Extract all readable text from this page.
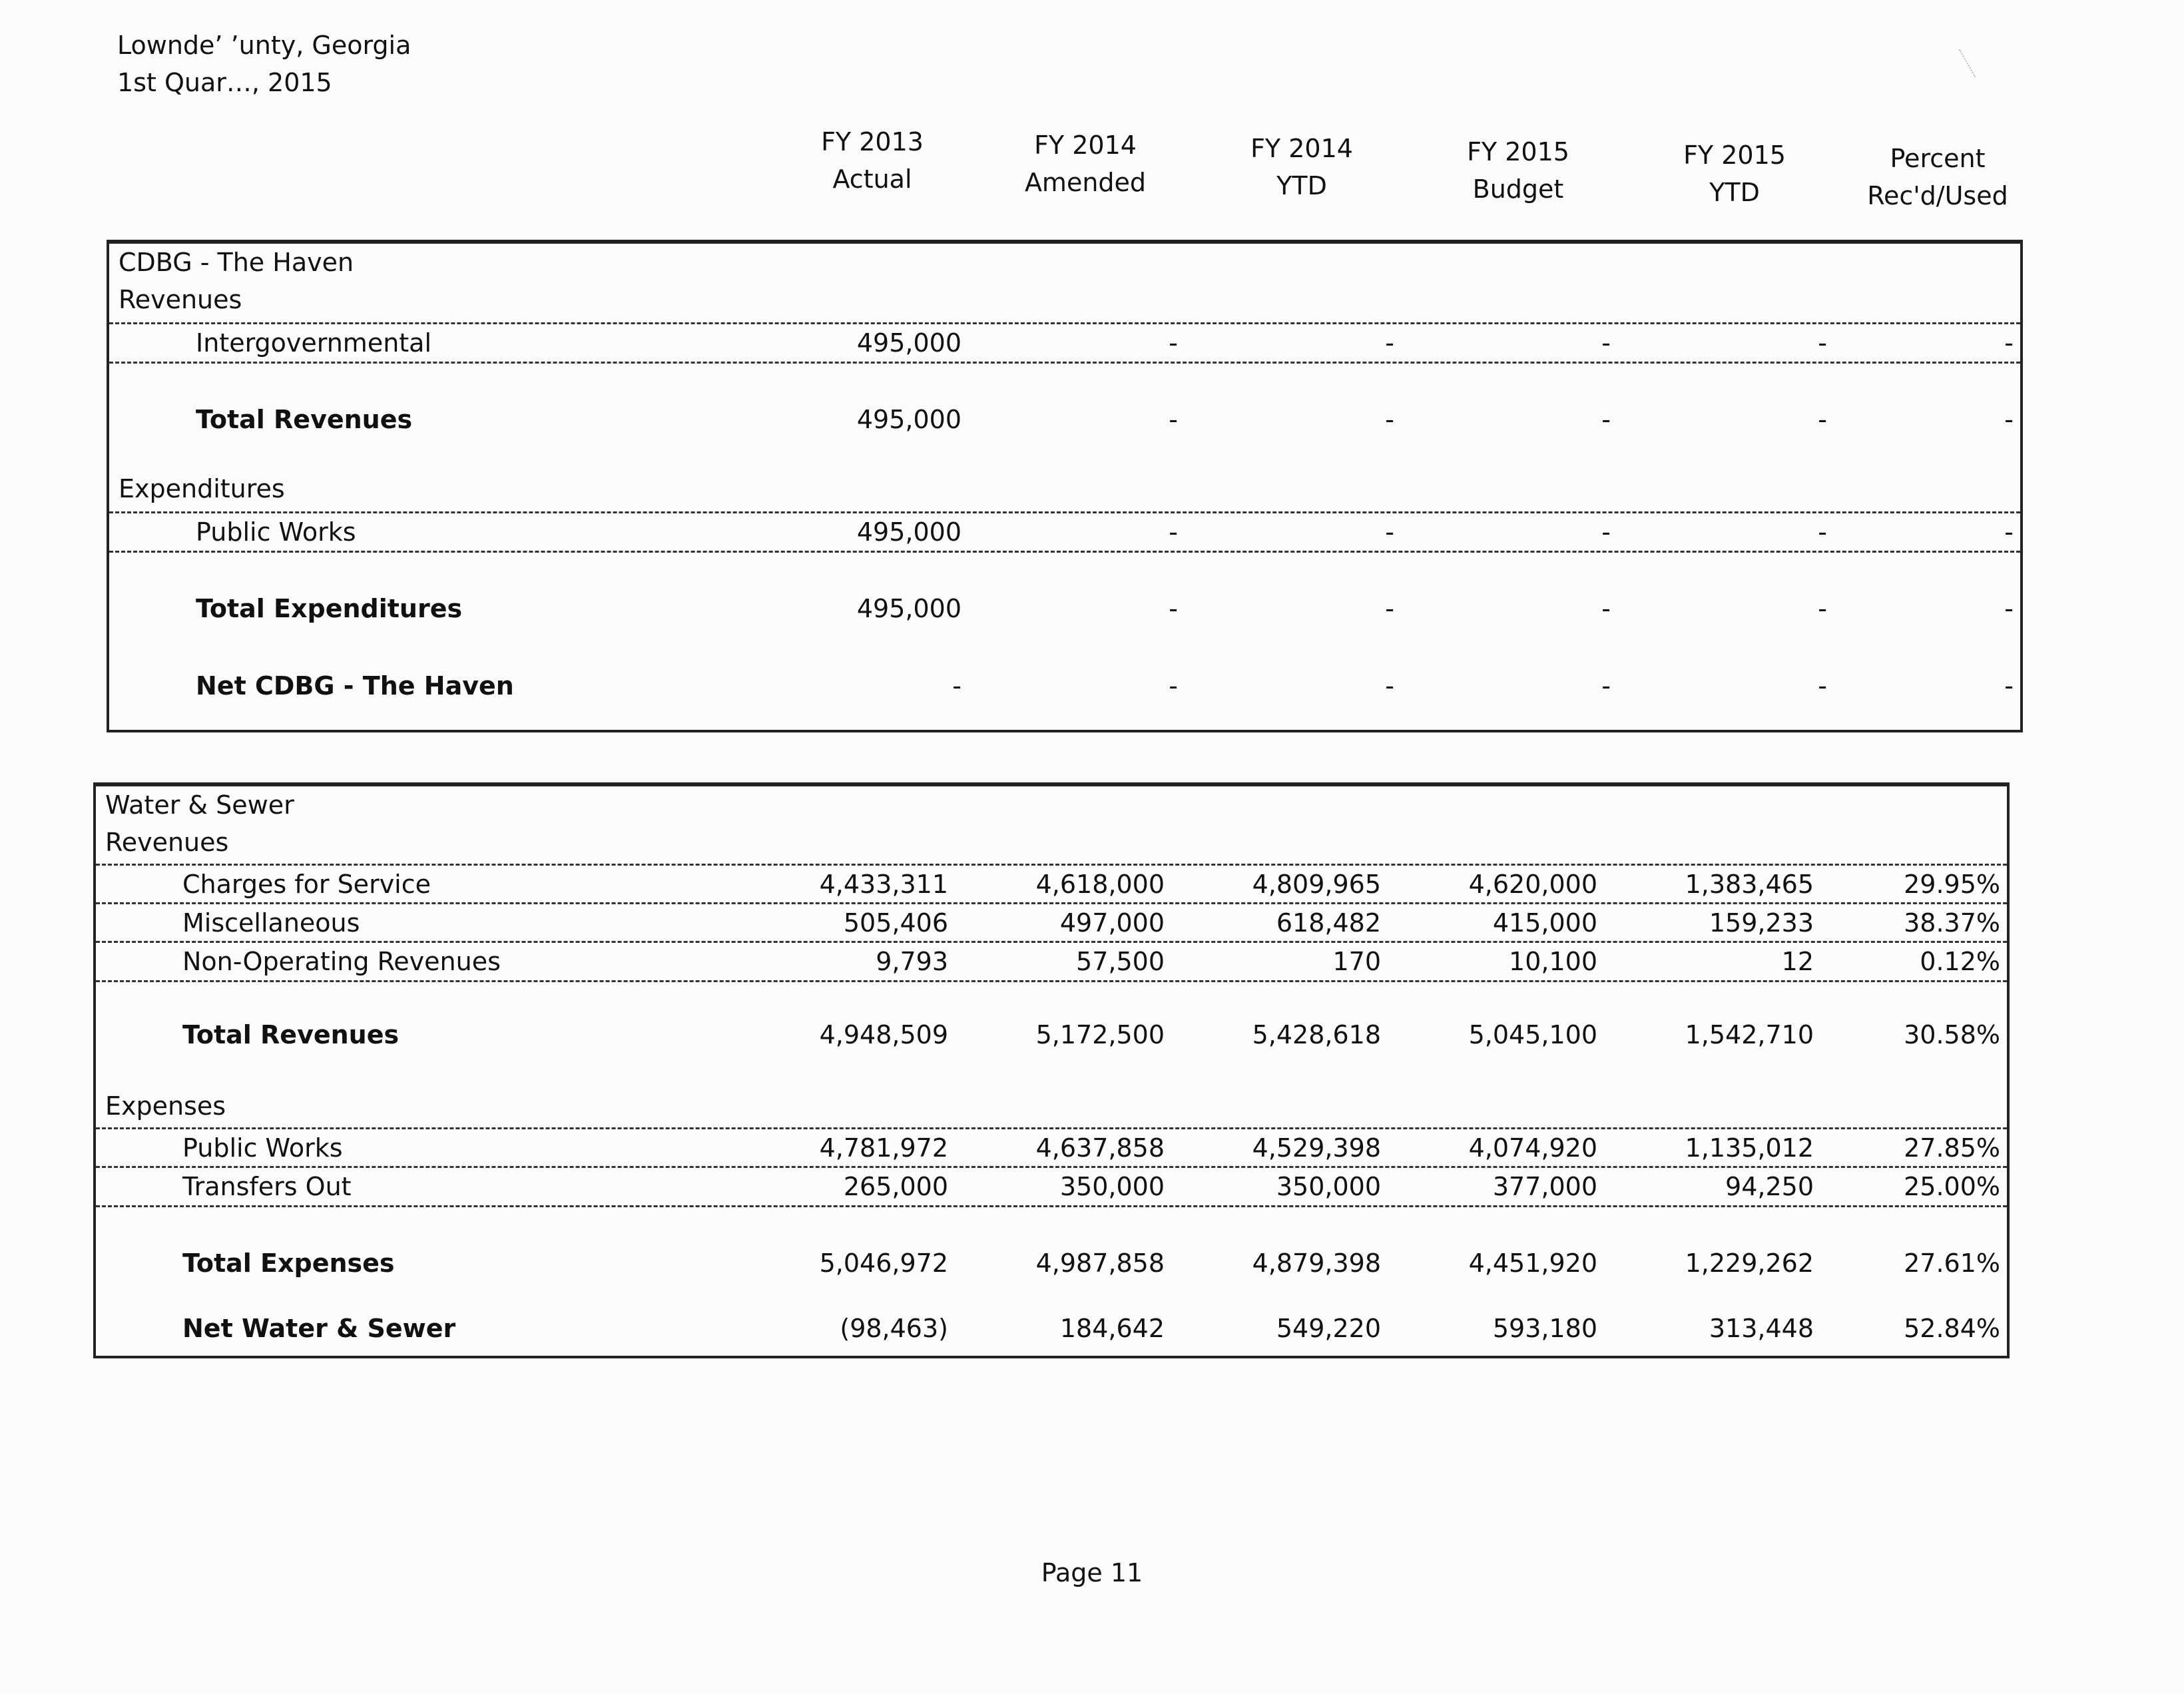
Lowndeʼ ʼunty, Georgia
1st Quar…, 2015
FY 2013
Actual
FY 2014
Amended
FY 2014
YTD
FY 2015
Budget
FY 2015
YTD
Percent
Rec'd/Used
CDBG - The Haven
Revenues
Intergovernmental	495,000	-	-	-	-	-
Total Revenues	495,000	-	-	-	-	-
Expenditures
Public Works	495,000	-	-	-	-	-
Total Expenditures	495,000	-	-	-	-	-
Net CDBG - The Haven	-	-	-	-	-	-
Water & Sewer
Revenues
Charges for Service	4,433,311	4,618,000	4,809,965	4,620,000	1,383,465	29.95%
Miscellaneous	505,406	497,000	618,482	415,000	159,233	38.37%
Non-Operating Revenues	9,793	57,500	170	10,100	12	0.12%
Total Revenues	4,948,509	5,172,500	5,428,618	5,045,100	1,542,710	30.58%
Expenses
Public Works	4,781,972	4,637,858	4,529,398	4,074,920	1,135,012	27.85%
Transfers Out	265,000	350,000	350,000	377,000	94,250	25.00%
Total Expenses	5,046,972	4,987,858	4,879,398	4,451,920	1,229,262	27.61%
Net Water & Sewer	(98,463)	184,642	549,220	593,180	313,448	52.84%
Page 11
